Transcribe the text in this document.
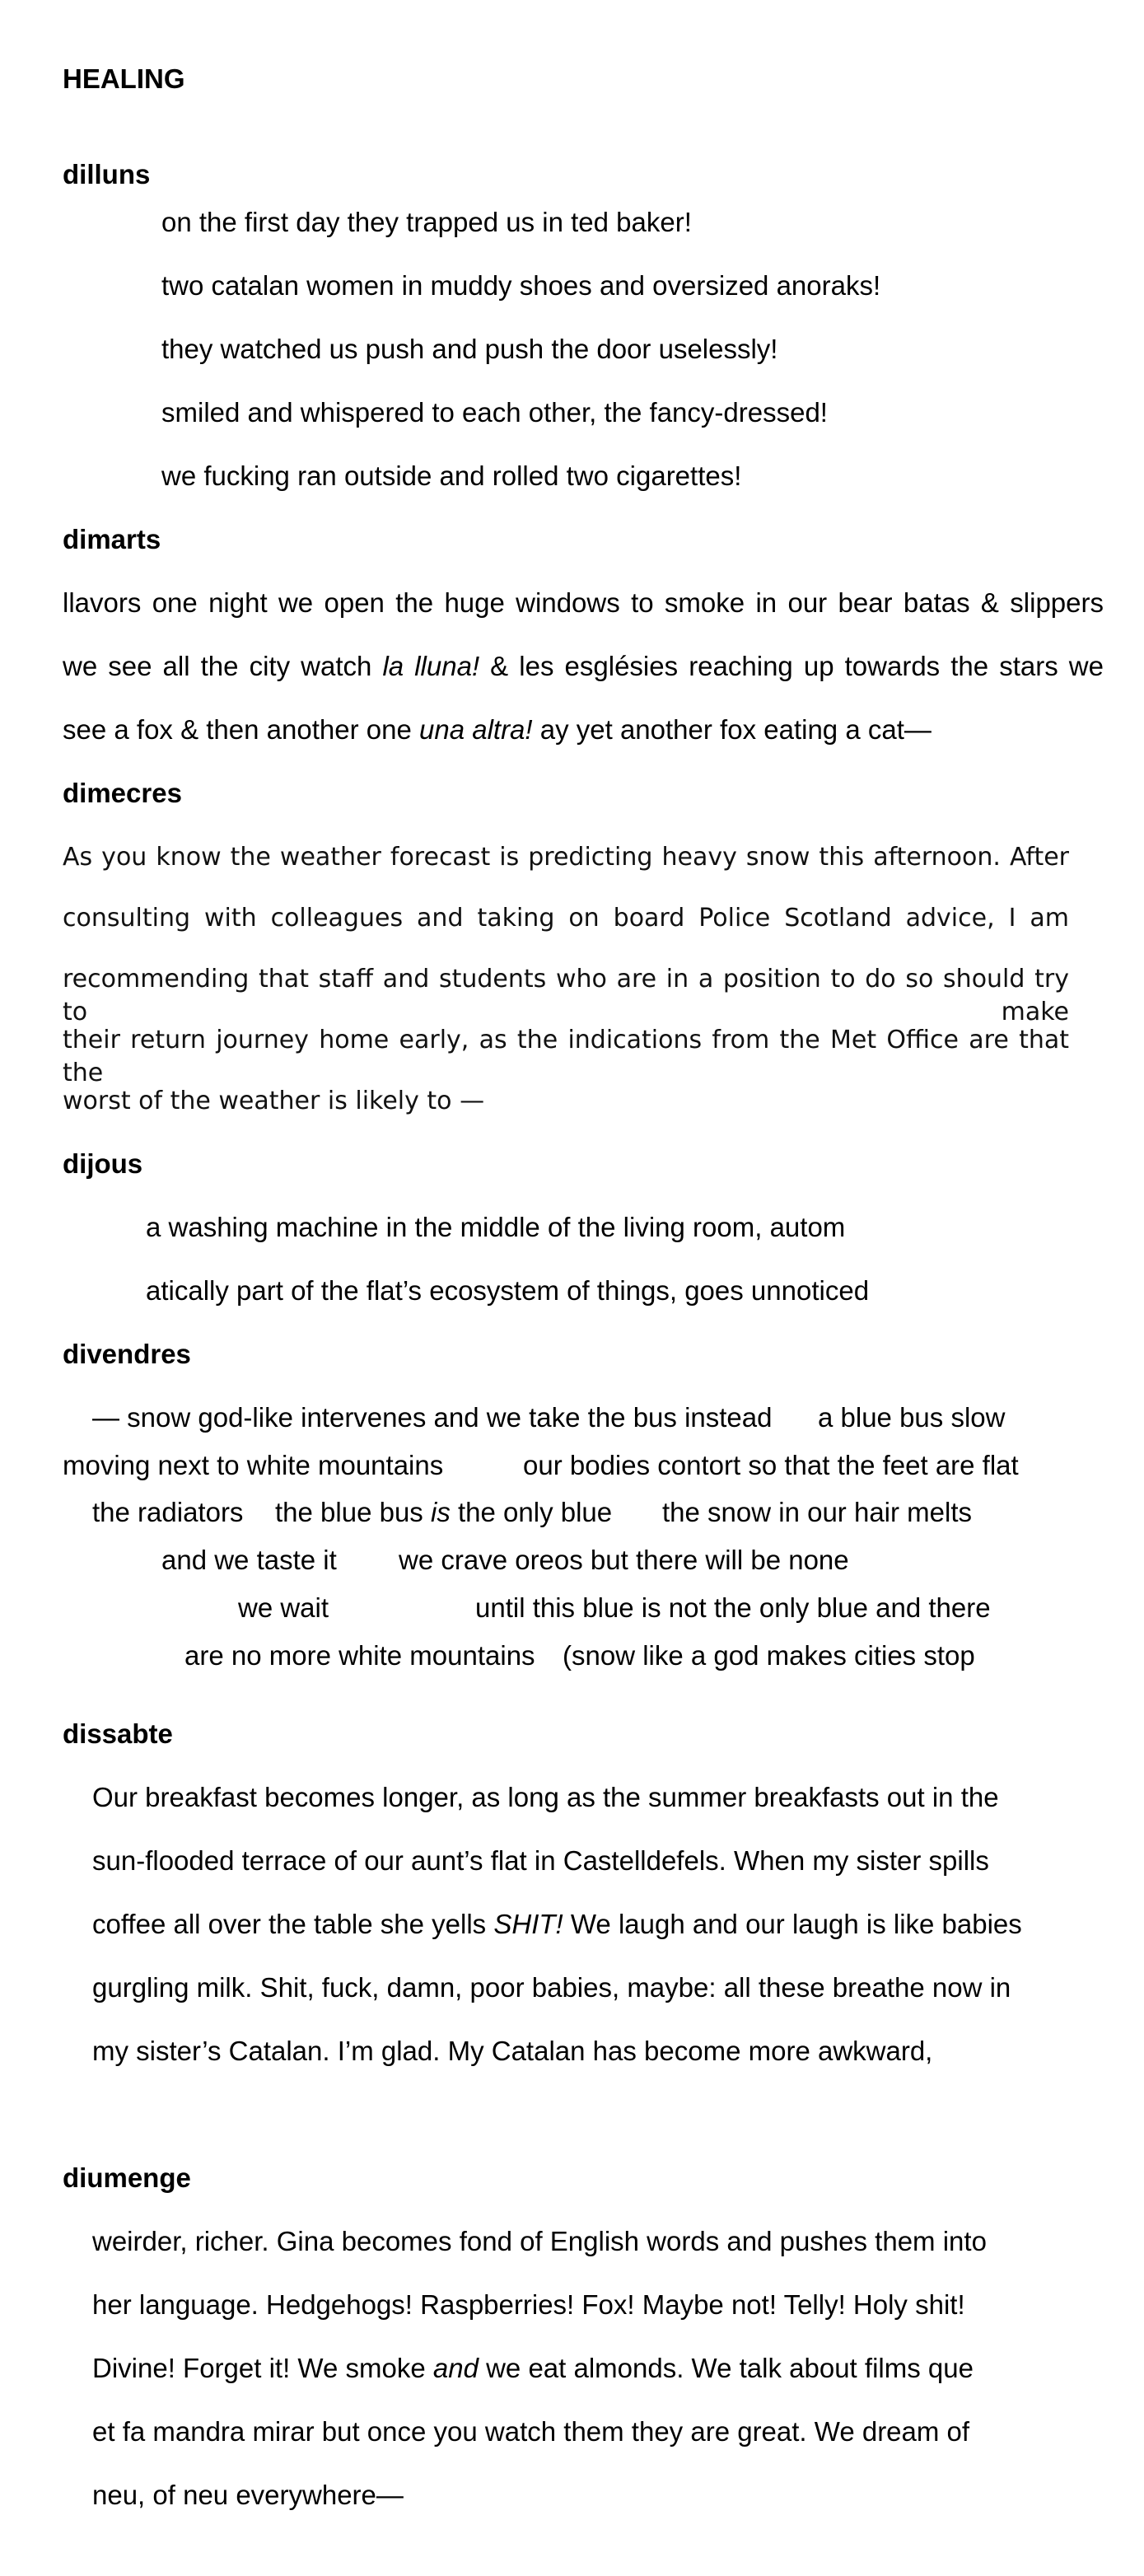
HEALING
dilluns
on the first day they trapped us in ted baker!
two catalan women in muddy shoes and oversized anoraks!
they watched us push and push the door uselessly!
smiled and whispered to each other, the fancy-dressed!
we fucking ran outside and rolled two cigarettes!
dimarts
llavors one night we open the huge windows to smoke in our bear batas & slippers
we see all the city watch la lluna! & les esglésies reaching up towards the stars we
see a fox & then another one una altra! ay yet another fox eating a cat—
dimecres
As you know the weather forecast is predicting heavy snow this afternoon. After
consulting with colleagues and taking on board Police Scotland advice, I am
recommending that staff and students who are in a position to do so should try to make
their return journey home early, as the indications from the Met Office are that the
worst of the weather is likely to —
dijous
a washing machine in the middle of the living room, autom
atically part of the flat’s ecosystem of things, goes unnoticed
divendres
— snow god-like intervenes and we take the bus instead a blue bus slow
moving next to white mountains	our bodies contort so that the feet are flat
the radiators the blue bus is the only blue the snow in our hair melts
and we taste it we crave oreos but there will be none
we wait	until this blue is not the only blue and there
are no more white mountains (snow like a god makes cities stop
dissabte
Our breakfast becomes longer, as long as the summer breakfasts out in the
sun-flooded terrace of our aunt’s flat in Castelldefels. When my sister spills
coffee all over the table she yells SHIT! We laugh and our laugh is like babies
gurgling milk. Shit, fuck, damn, poor babies, maybe: all these breathe now in
my sister’s Catalan. I’m glad. My Catalan has become more awkward,
diumenge
weirder, richer. Gina becomes fond of English words and pushes them into
her language. Hedgehogs! Raspberries! Fox! Maybe not! Telly! Holy shit!
Divine! Forget it! We smoke and we eat almonds. We talk about films que
et fa mandra mirar but once you watch them they are great. We dream of
neu, of neu everywhere—
